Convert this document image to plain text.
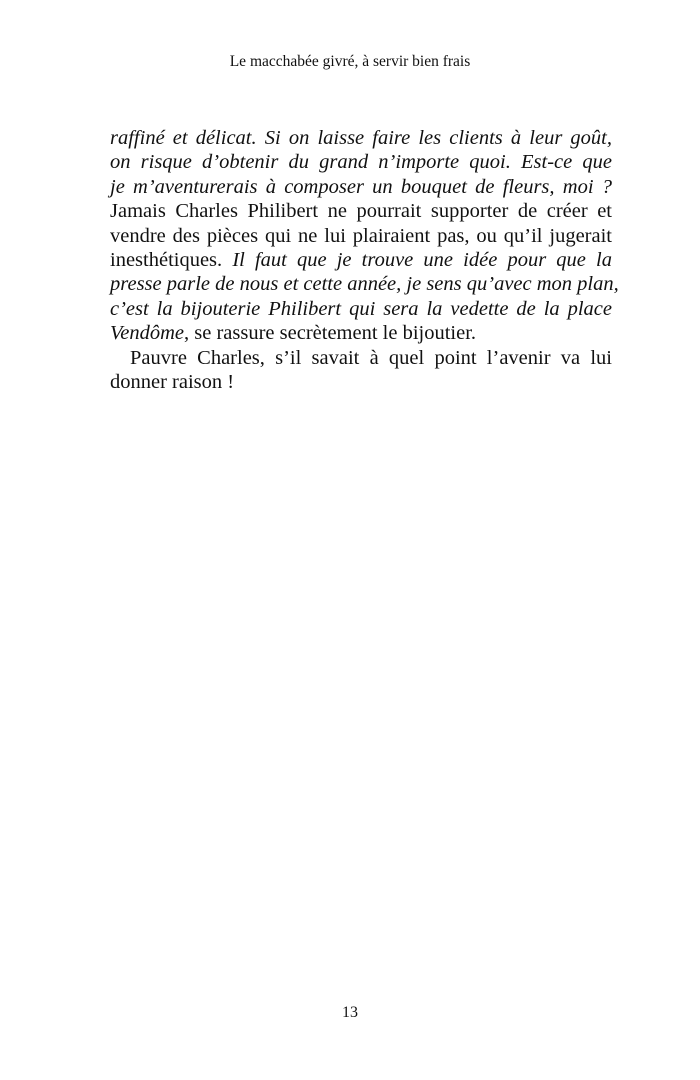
Le macchabée givré, à servir bien frais
raffiné et délicat. Si on laisse faire les clients à leur goût,
on risque d’obtenir du grand n’importe quoi. Est-ce que
je m’aventurerais à composer un bouquet de fleurs, moi ?
Jamais Charles Philibert ne pourrait supporter de créer et
vendre des pièces qui ne lui plairaient pas, ou qu’il jugerait
inesthétiques. Il faut que je trouve une idée pour que la
presse parle de nous et cette année, je sens qu’avec mon plan,
c’est la bijouterie Philibert qui sera la vedette de la place
Vendôme, se rassure secrètement le bijoutier.
Pauvre Charles, s’il savait à quel point l’avenir va lui
donner raison !
13
